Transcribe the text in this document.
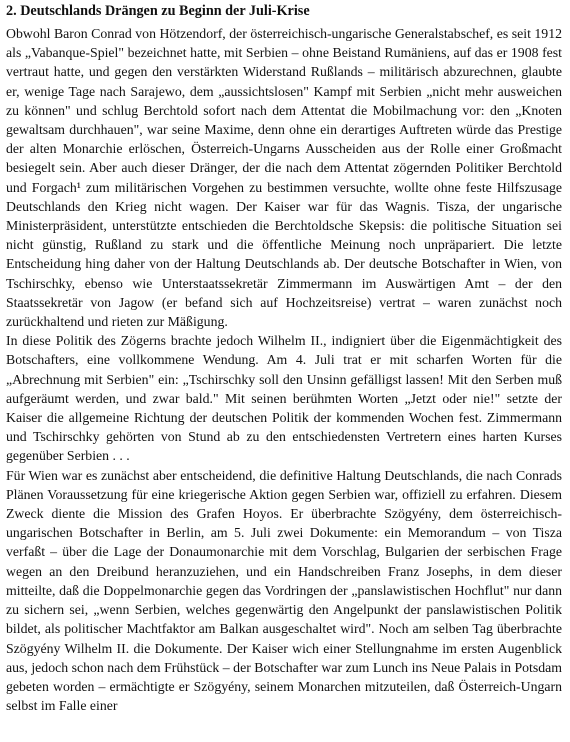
2. Deutschlands Drängen zu Beginn der Juli-Krise

Obwohl Baron Conrad von Hötzendorf, der österreichisch-ungarische Generalstabschef, es seit 1912 als „Vabanque-Spiel" bezeichnet hatte, mit Serbien – ohne Beistand Rumäniens, auf das er 1908 fest vertraut hatte, und gegen den verstärkten Widerstand Rußlands – militärisch abzurechnen, glaubte er, wenige Tage nach Sarajewo, dem „aussichtslosen" Kampf mit Serbien „nicht mehr ausweichen zu können" und schlug Berchtold sofort nach dem Attentat die Mobilmachung vor: den „Knoten gewaltsam durchhauen", war seine Maxime, denn ohne ein derartiges Auftreten würde das Prestige der alten Monarchie erlöschen, Österreich-Ungarns Ausscheiden aus der Rolle einer Großmacht besiegelt sein. Aber auch dieser Dränger, der die nach dem Attentat zögernden Politiker Berchtold und Forgach¹ zum militärischen Vorgehen zu bestimmen versuchte, wollte ohne feste Hilfszusage Deutschlands den Krieg nicht wagen. Der Kaiser war für das Wagnis. Tisza, der ungarische Ministerpräsident, unterstützte entschieden die Berchtoldsche Skepsis: die politische Situation sei nicht günstig, Rußland zu stark und die öffentliche Meinung noch unpräpariert. Die letzte Entscheidung hing daher von der Haltung Deutschlands ab. Der deutsche Botschafter in Wien, von Tschirschky, ebenso wie Unterstaatssekretär Zimmermann im Auswärtigen Amt – der den Staatssekretär von Jagow (er befand sich auf Hochzeitsreise) vertrat – waren zunächst noch zurückhaltend und rieten zur Mäßigung.

In diese Politik des Zögerns brachte jedoch Wilhelm II., indigniert über die Eigenmächtigkeit des Botschafters, eine vollkommene Wendung. Am 4. Juli trat er mit scharfen Worten für die „Abrechnung mit Serbien" ein: „Tschirschky soll den Unsinn gefälligst lassen! Mit den Serben muß aufgeräumt werden, und zwar bald." Mit seinen berühmten Worten „Jetzt oder nie!" setzte der Kaiser die allgemeine Richtung der deutschen Politik der kommenden Wochen fest. Zimmermann und Tschirschky gehörten von Stund ab zu den entschiedensten Vertretern eines harten Kurses gegenüber Serbien . . .

Für Wien war es zunächst aber entscheidend, die definitive Haltung Deutschlands, die nach Conrads Plänen Voraussetzung für eine kriegerische Aktion gegen Serbien war, offiziell zu erfahren. Diesem Zweck diente die Mission des Grafen Hoyos. Er überbrachte Szögyény, dem österreichisch-ungarischen Botschafter in Berlin, am 5. Juli zwei Dokumente: ein Memorandum – von Tisza verfaßt – über die Lage der Donaumonarchie mit dem Vorschlag, Bulgarien der serbischen Frage wegen an den Dreibund heranzuziehen, und ein Handschreiben Franz Josephs, in dem dieser mitteilte, daß die Doppelmonarchie gegen das Vordringen der „panslawistischen Hochflut" nur dann zu sichern sei, „wenn Serbien, welches gegenwärtig den Angelpunkt der panslawistischen Politik bildet, als politischer Machtfaktor am Balkan ausgeschaltet wird". Noch am selben Tag überbrachte Szögyény Wilhelm II. die Dokumente. Der Kaiser wich einer Stellungnahme im ersten Augenblick aus, jedoch schon nach dem Frühstück – der Botschafter war zum Lunch ins Neue Palais in Potsdam gebeten worden – ermächtigte er Szögyény, seinem Monarchen mitzuteilen, daß Österreich-Ungarn selbst im Falle einer
